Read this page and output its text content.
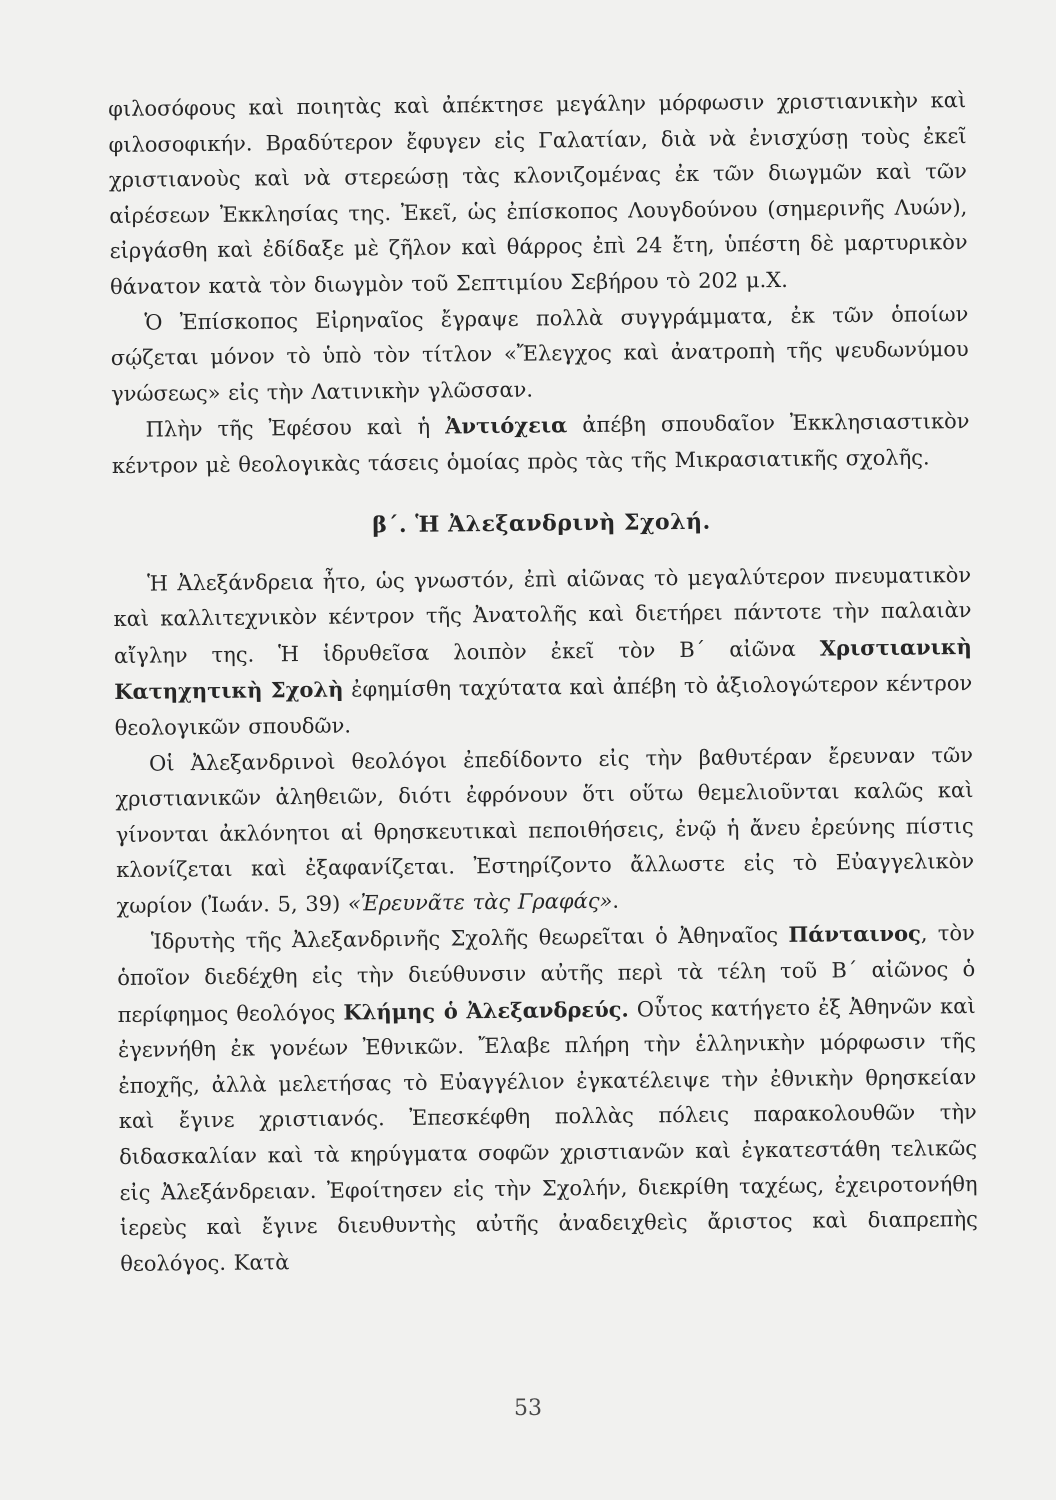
φιλοσόφους καὶ ποιητὰς καὶ ἀπέκτησε μεγάλην μόρφωσιν χριστιανικὴν καὶ φιλοσοφικήν. Βραδύτερον ἔφυγεν εἰς Γαλατίαν, διὰ νὰ ἐνισχύσῃ τοὺς ἐκεῖ χριστιανοὺς καὶ νὰ στερεώσῃ τὰς κλονιζομένας ἐκ τῶν διωγμῶν καὶ τῶν αἱρέσεων Ἐκκλησίας της. Ἐκεῖ, ὡς ἐπίσκοπος Λουγδούνου (σημερινῆς Λυών), εἰργάσθη καὶ ἐδίδαξε μὲ ζῆλον καὶ θάρρος ἐπὶ 24 ἔτη, ὑπέστη δὲ μαρτυρικὸν θάνατον κατὰ τὸν διωγμὸν τοῦ Σεπτιμίου Σεβήρου τὸ 202 μ.Χ.

Ὁ Ἐπίσκοπος Εἰρηναῖος ἔγραψε πολλὰ συγγράμματα, ἐκ τῶν ὁποίων σῴζεται μόνον τὸ ὑπὸ τὸν τίτλον «Ἔλεγχος καὶ ἀνατροπὴ τῆς ψευδωνύμου γνώσεως» εἰς τὴν Λατινικὴν γλῶσσαν.

Πλὴν τῆς Ἐφέσου καὶ ἡ Ἀντιόχεια ἀπέβη σπουδαῖον Ἐκκλησιαστικὸν κέντρον μὲ θεολογικὰς τάσεις ὁμοίας πρὸς τὰς τῆς Μικρασιατικῆς σχολῆς.

β΄. Ἡ Ἀλεξανδρινὴ Σχολή.

Ἡ Ἀλεξάνδρεια ἦτο, ὡς γνωστόν, ἐπὶ αἰῶνας τὸ μεγαλύτερον πνευματικὸν καὶ καλλιτεχνικὸν κέντρον τῆς Ἀνατολῆς καὶ διετήρει πάντοτε τὴν παλαιὰν αἴγλην της. Ἡ ἱδρυθεῖσα λοιπὸν ἐκεῖ τὸν Β΄ αἰῶνα Χριστιανικὴ Κατηχητικὴ Σχολὴ ἐφημίσθη ταχύτατα καὶ ἀπέβη τὸ ἀξιολογώτερον κέντρον θεολογικῶν σπουδῶν.

Οἱ Ἀλεξανδρινοὶ θεολόγοι ἐπεδίδοντο εἰς τὴν βαθυτέραν ἔρευναν τῶν χριστιανικῶν ἀληθειῶν, διότι ἐφρόνουν ὅτι οὕτω θεμελιοῦνται καλῶς καὶ γίνονται ἀκλόνητοι αἱ θρησκευτικαὶ πεποιθήσεις, ἐνῷ ἡ ἄνευ ἐρεύνης πίστις κλονίζεται καὶ ἐξαφανίζεται. Ἐστηρίζοντο ἄλλωστε εἰς τὸ Εὐαγγελικὸν χωρίον (Ἰωάν. 5, 39) «Ἐρευνᾶτε τὰς Γραφάς».

Ἱδρυτὴς τῆς Ἀλεξανδρινῆς Σχολῆς θεωρεῖται ὁ Ἀθηναῖος Πάνταινος, τὸν ὁποῖον διεδέχθη εἰς τὴν διεύθυνσιν αὐτῆς περὶ τὰ τέλη τοῦ Β΄ αἰῶνος ὁ περίφημος θεολόγος Κλήμης ὁ Ἀλεξανδρεύς. Οὗτος κατήγετο ἐξ Ἀθηνῶν καὶ ἐγεννήθη ἐκ γονέων Ἐθνικῶν. Ἔλαβε πλήρη τὴν ἑλληνικὴν μόρφωσιν τῆς ἐποχῆς, ἀλλὰ μελετήσας τὸ Εὐαγγέλιον ἐγκατέλειψε τὴν ἐθνικὴν θρησκείαν καὶ ἔγινε χριστιανός. Ἐπεσκέφθη πολλὰς πόλεις παρακολουθῶν τὴν διδασκαλίαν καὶ τὰ κηρύγματα σοφῶν χριστιανῶν καὶ ἐγκατεστάθη τελικῶς εἰς Ἀλεξάνδρειαν. Ἐφοίτησεν εἰς τὴν Σχολήν, διεκρίθη ταχέως, ἐχειροτονήθη ἱερεὺς καὶ ἔγινε διευθυντὴς αὐτῆς ἀναδειχθεὶς ἄριστος καὶ διαπρεπὴς θεολόγος. Κατὰ

53
